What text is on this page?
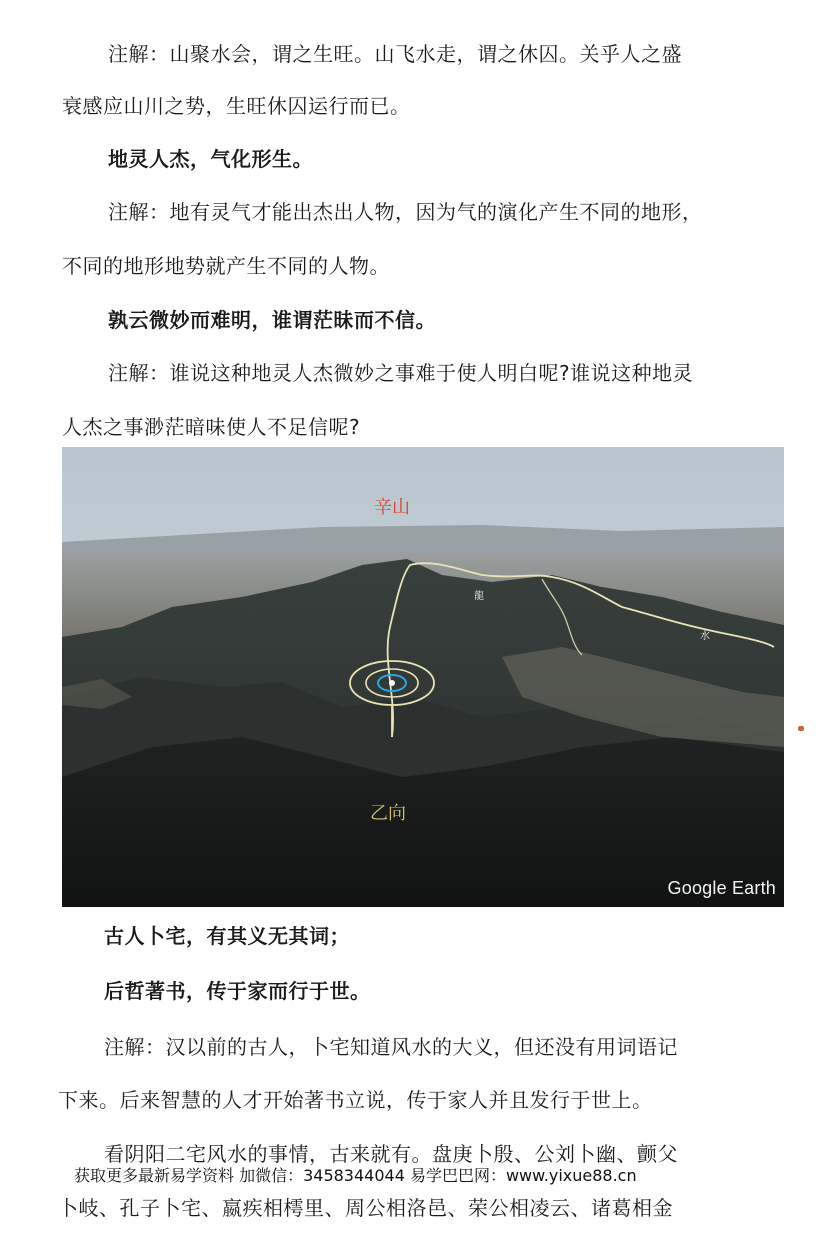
注解：山聚水会，谓之生旺。山飞水走，谓之休囚。关乎人之盛
衰感应山川之势，生旺休囚运行而已。
地灵人杰，气化形生。
注解：地有灵气才能出杰出人物，因为气的演化产生不同的地形，
不同的地形地势就产生不同的人物。
孰云微妙而难明，谁谓茫昧而不信。
注解：谁说这种地灵人杰微妙之事难于使人明白呢?谁说这种地灵
人杰之事渺茫暗味使人不足信呢?
辛山
乙向
龍
水
Google Earth
古人卜宅，有其义无其词；
后哲著书，传于家而行于世。
注解：汉以前的古人，卜宅知道风水的大义，但还没有用词语记
下来。后来智慧的人才开始著书立说，传于家人并且发行于世上。
看阴阳二宅风水的事情，古来就有。盘庚卜殷、公刘卜幽、颤父
获取更多最新易学资料 加微信：3458344044 易学巴巴网：www.yixue88.cn
卜岐、孔子卜宅、嬴疾相樗里、周公相洛邑、荣公相凌云、诸葛相金
